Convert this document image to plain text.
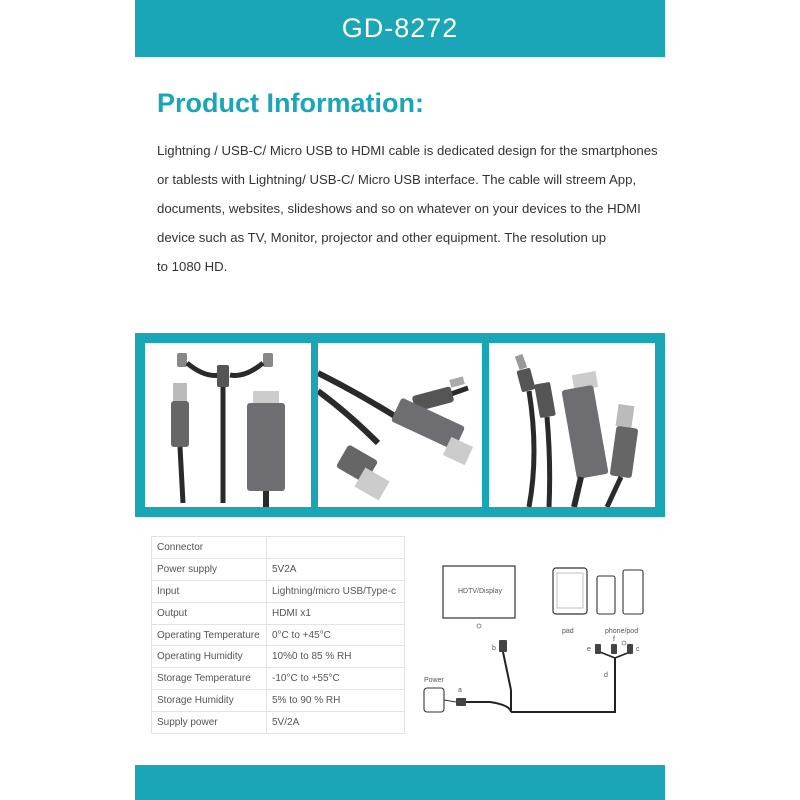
GD-8272
Product Information:
Lightning / USB-C/ Micro USB to HDMI cable is dedicated design for the smartphones
or tablests with Lightning/ USB-C/ Micro USB interface. The cable will streem App,
documents, websites, slideshows and so on whatever on your devices to the HDMI
device such as TV, Monitor, projector and other equipment. The resolution up
to 1080 HD.
Connector	
Power supply	5V2A
Input	Lightning/micro USB/Type-c
Output	HDMI x1
Operating Temperature	0°C to +45°C
Operating Humidity	10%0 to 85 % RH
Storage Temperature	-10°C to +55°C
Storage Humidity	5% to 90 % RH
Supply power	5V/2A
HDTV/Display
pad	phone/pod
b
a
Power
d
e
f
c
